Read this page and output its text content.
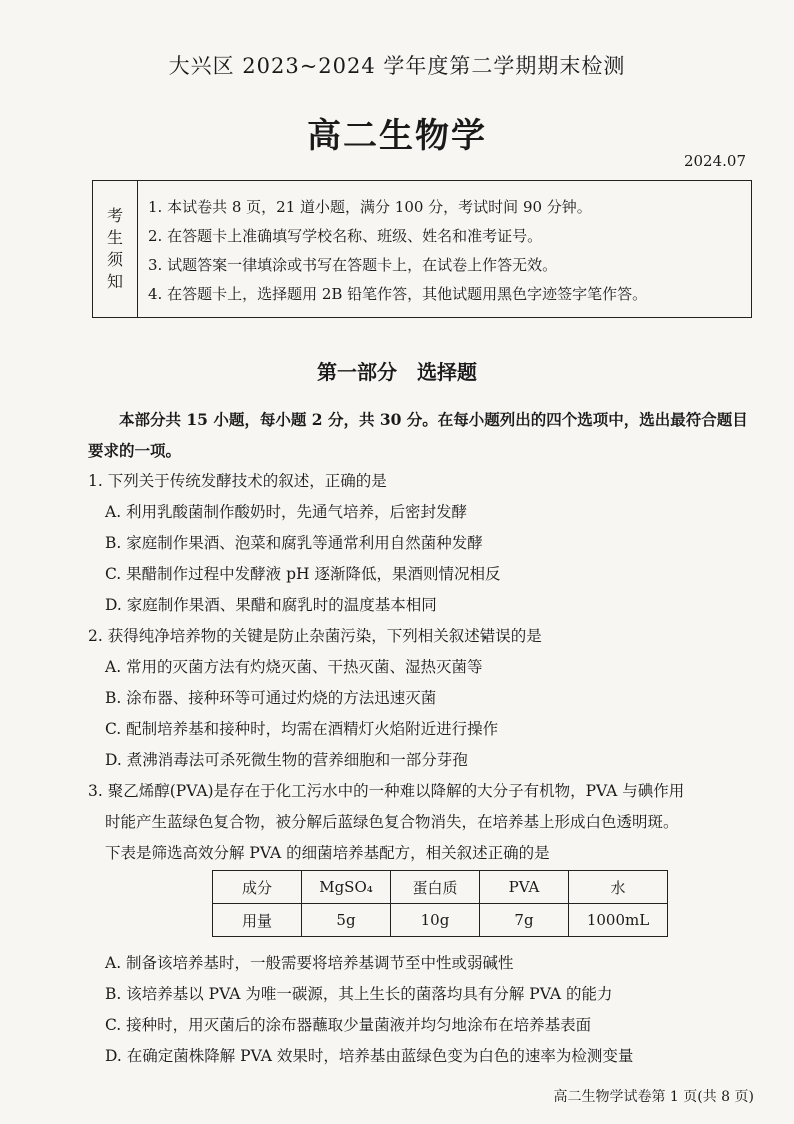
大兴区 2023~2024 学年度第二学期期末检测
高二生物学
2024.07
考
生
须
知
1. 本试卷共 8 页，21 道小题，满分 100 分，考试时间 90 分钟。
2. 在答题卡上准确填写学校名称、班级、姓名和准考证号。
3. 试题答案一律填涂或书写在答题卡上，在试卷上作答无效。
4. 在答题卡上，选择题用 2B 铅笔作答，其他试题用黑色字迹签字笔作答。
第一部分　选择题
本部分共 15 小题，每小题 2 分，共 30 分。在每小题列出的四个选项中，选出最符合题目要求的一项。
1. 下列关于传统发酵技术的叙述，正确的是
A. 利用乳酸菌制作酸奶时，先通气培养，后密封发酵
B. 家庭制作果酒、泡菜和腐乳等通常利用自然菌种发酵
C. 果醋制作过程中发酵液 pH 逐渐降低，果酒则情况相反
D. 家庭制作果酒、果醋和腐乳时的温度基本相同
2. 获得纯净培养物的关键是防止杂菌污染，下列相关叙述错误 • •的是
A. 常用的灭菌方法有灼烧灭菌、干热灭菌、湿热灭菌等
B. 涂布器、接种环等可通过灼烧的方法迅速灭菌
C. 配制培养基和接种时，均需在酒精灯火焰附近进行操作
D. 煮沸消毒法可杀死微生物的营养细胞和一部分芽孢
3. 聚乙烯醇(PVA)是存在于化工污水中的一种难以降解的大分子有机物，PVA 与碘作用
时能产生蓝绿色复合物，被分解后蓝绿色复合物消失，在培养基上形成白色透明斑。
下表是筛选高效分解 PVA 的细菌培养基配方，相关叙述正确的是
成分	MgSO₄	蛋白质	PVA	水
用量	5g	10g	7g	1000mL
A. 制备该培养基时，一般需要将培养基调节至中性或弱碱性
B. 该培养基以 PVA 为唯一碳源，其上生长的菌落均具有分解 PVA 的能力
C. 接种时，用灭菌后的涂布器蘸取少量菌液并均匀地涂布在培养基表面
D. 在确定菌株降解 PVA 效果时，培养基由蓝绿色变为白色的速率为检测变量
高二生物学试卷第 1 页(共 8 页)
